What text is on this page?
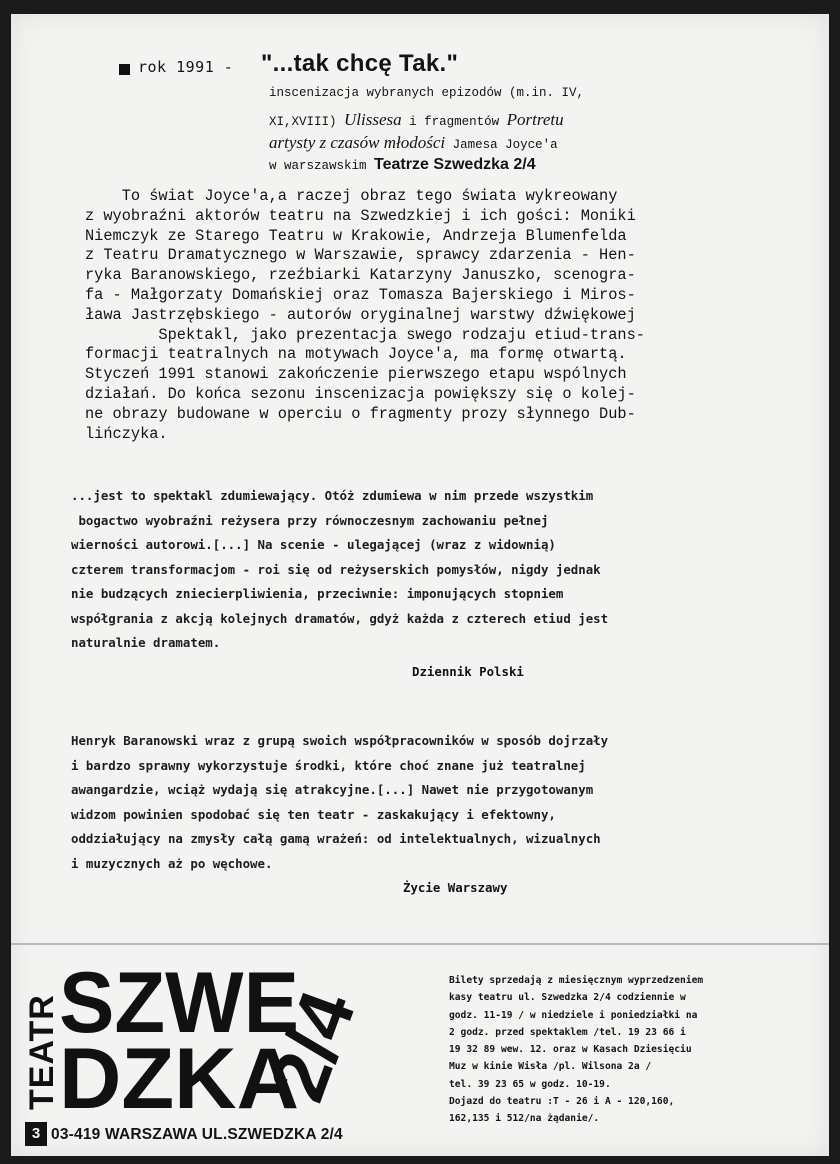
rok 1991 - "...tak chcę Tak."
inscenizacja wybranych epizodów (m.in. IV,
XI,XVIII) Ulissesa i fragmentów Portretu
artysty z czasów młodości Jamesa Joyce'a
w warszawskim Teatrze Szwedzka 2/4
To świat Joyce'a,a raczej obraz tego świata wykreowany
z wyobraźni aktorów teatru na Szwedzkiej i ich gości: Moniki
Niemczyk ze Starego Teatru w Krakowie, Andrzeja Blumenfelda
z Teatru Dramatycznego w Warszawie, sprawcy zdarzenia - Hen-
ryka Baranowskiego, rzeźbiarki Katarzyny Januszko, scenogra-
fa - Małgorzaty Domańskiej oraz Tomasza Bajerskiego i Miros-
ława Jastrzębskiego - autorów oryginalnej warstwy dźwiękowej
Spektakl, jako prezentacja swego rodzaju etiud-trans-
formacji teatralnych na motywach Joyce'a, ma formę otwartą.
Styczeń 1991 stanowi zakończenie pierwszego etapu wspólnych
działań. Do końca sezonu inscenizacja powiększy się o kolej-
ne obrazy budowane w operciu o fragmenty prozy słynnego Dub-
lińczyka.
...jest to spektakl zdumiewający. Otóż zdumiewa w nim przede wszystkim
bogactwo wyobraźni reżysera przy równoczesnym zachowaniu pełnej
wierności autorowi.[...] Na scenie - ulegającej (wraz z widownią)
czterem transformacjom - roi się od reżyserskich pomysłów, nigdy jednak
nie budzących zniecierpliwienia, przeciwnie: imponujących stopniem
współgrania z akcją kolejnych dramatów, gdyż każda z czterech etiud jest
naturalnie dramatem.
Dziennik Polski
Henryk Baranowski wraz z grupą swoich współpracowników w sposób dojrzały
i bardzo sprawny wykorzystuje środki, które choć znane już teatralnej
awangardzie, wciąż wydają się atrakcyjne.[...] Nawet nie przygotowanym
widzom powinien spodobać się ten teatr - zaskakujący i efektowny,
oddziałujący na zmysły całą gamą wrażeń: od intelektualnych, wizualnych
i muzycznych aż po węchowe.
Życie Warszawy
TEATR
SZWE
DZKA
2/4
3 03-419 WARSZAWA UL.SZWEDZKA 2/4
Bilety sprzedają z miesięcznym wyprzedzeniem
kasy teatru ul. Szwedzka 2/4 codziennie w
godz. 11-19 / w niedziele i poniedziałki na
2 godz. przed spektaklem /tel. 19 23 66 i
19 32 89 wew. 12. oraz w Kasach Dziesięciu
Muz w kinie Wisła /pl. Wilsona 2a /
tel. 39 23 65 w godz. 10-19.
Dojazd do teatru :T - 26 i A - 120,160,
162,135 i 512/na żądanie/.
